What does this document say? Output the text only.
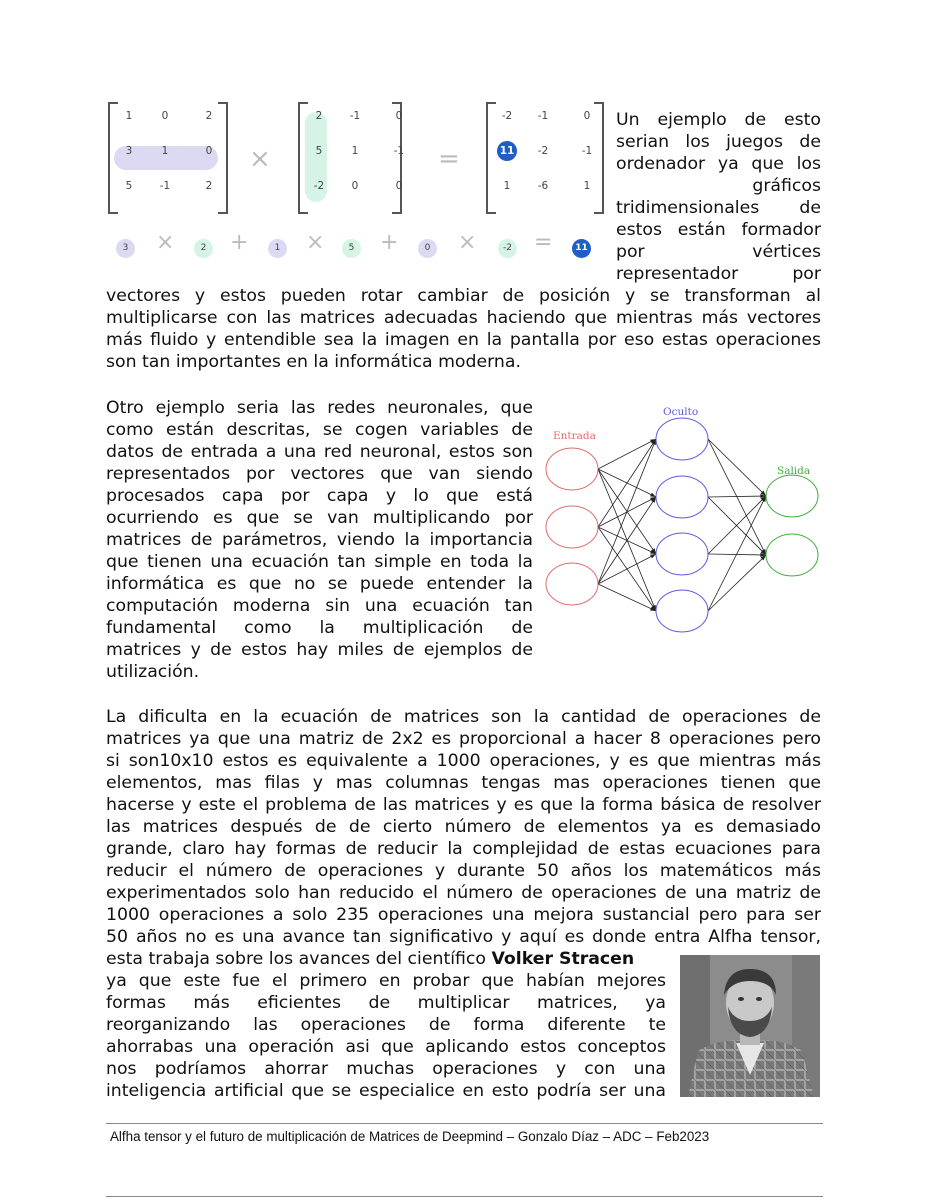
1	0	2
3	1	0
5	-1	2
×
2	-1	0
5	1	-1
-2	0	0
=
-2	-1	0
11	-2	-1
1	-6	1
3	2	1	5	0	-2	11
×	+	×	+	×	=
Un ejemplo de esto
serian los juegos de
ordenador ya que los
gráficos
tridimensionales de
estos están formador
por vértices
representador por
vectores y estos pueden rotar cambiar de posición y se transforman al
multiplicarse con las matrices adecuadas haciendo que mientras más vectores
más fluido y entendible sea la imagen en la pantalla por eso estas operaciones
son tan importantes en la informática moderna.
Otro ejemplo seria las redes neuronales, que
como están descritas, se cogen variables de
datos de entrada a una red neuronal, estos son
representados por vectores que van siendo
procesados capa por capa y lo que está
ocurriendo es que se van multiplicando por
matrices de parámetros, viendo la importancia
que tienen una ecuación tan simple en toda la
informática es que no se puede entender la
computación moderna sin una ecuación tan
fundamental como la multiplicación de
matrices y de estos hay miles de ejemplos de
utilización.
Entrada
Oculto
Salida
La dificulta en la ecuación de matrices son la cantidad de operaciones de
matrices ya que una matriz de 2x2 es proporcional a hacer 8 operaciones pero
si son10x10 estos es equivalente a 1000 operaciones, y es que mientras más
elementos, mas filas y mas columnas tengas mas operaciones tienen que
hacerse y este el problema de las matrices y es que la forma básica de resolver
las matrices después de de cierto número de elementos ya es demasiado
grande, claro hay formas de reducir la complejidad de estas ecuaciones para
reducir el número de operaciones y durante 50 años los matemáticos más
experimentados solo han reducido el número de operaciones de una matriz de
1000 operaciones a solo 235 operaciones una mejora sustancial pero para ser
50 años no es una avance tan significativo y aquí es donde entra Alfha tensor,
esta trabaja sobre los avances del científico Volker Stracen
ya que este fue el primero en probar que habían mejores
formas más eficientes de multiplicar matrices, ya
reorganizando las operaciones de forma diferente te
ahorrabas una operación asi que aplicando estos conceptos
nos podríamos ahorrar muchas operaciones y con una
inteligencia artificial que se especialice en esto podría ser una
Alfha tensor y el futuro de multiplicación de Matrices de Deepmind – Gonzalo Díaz – ADC – Feb2023
